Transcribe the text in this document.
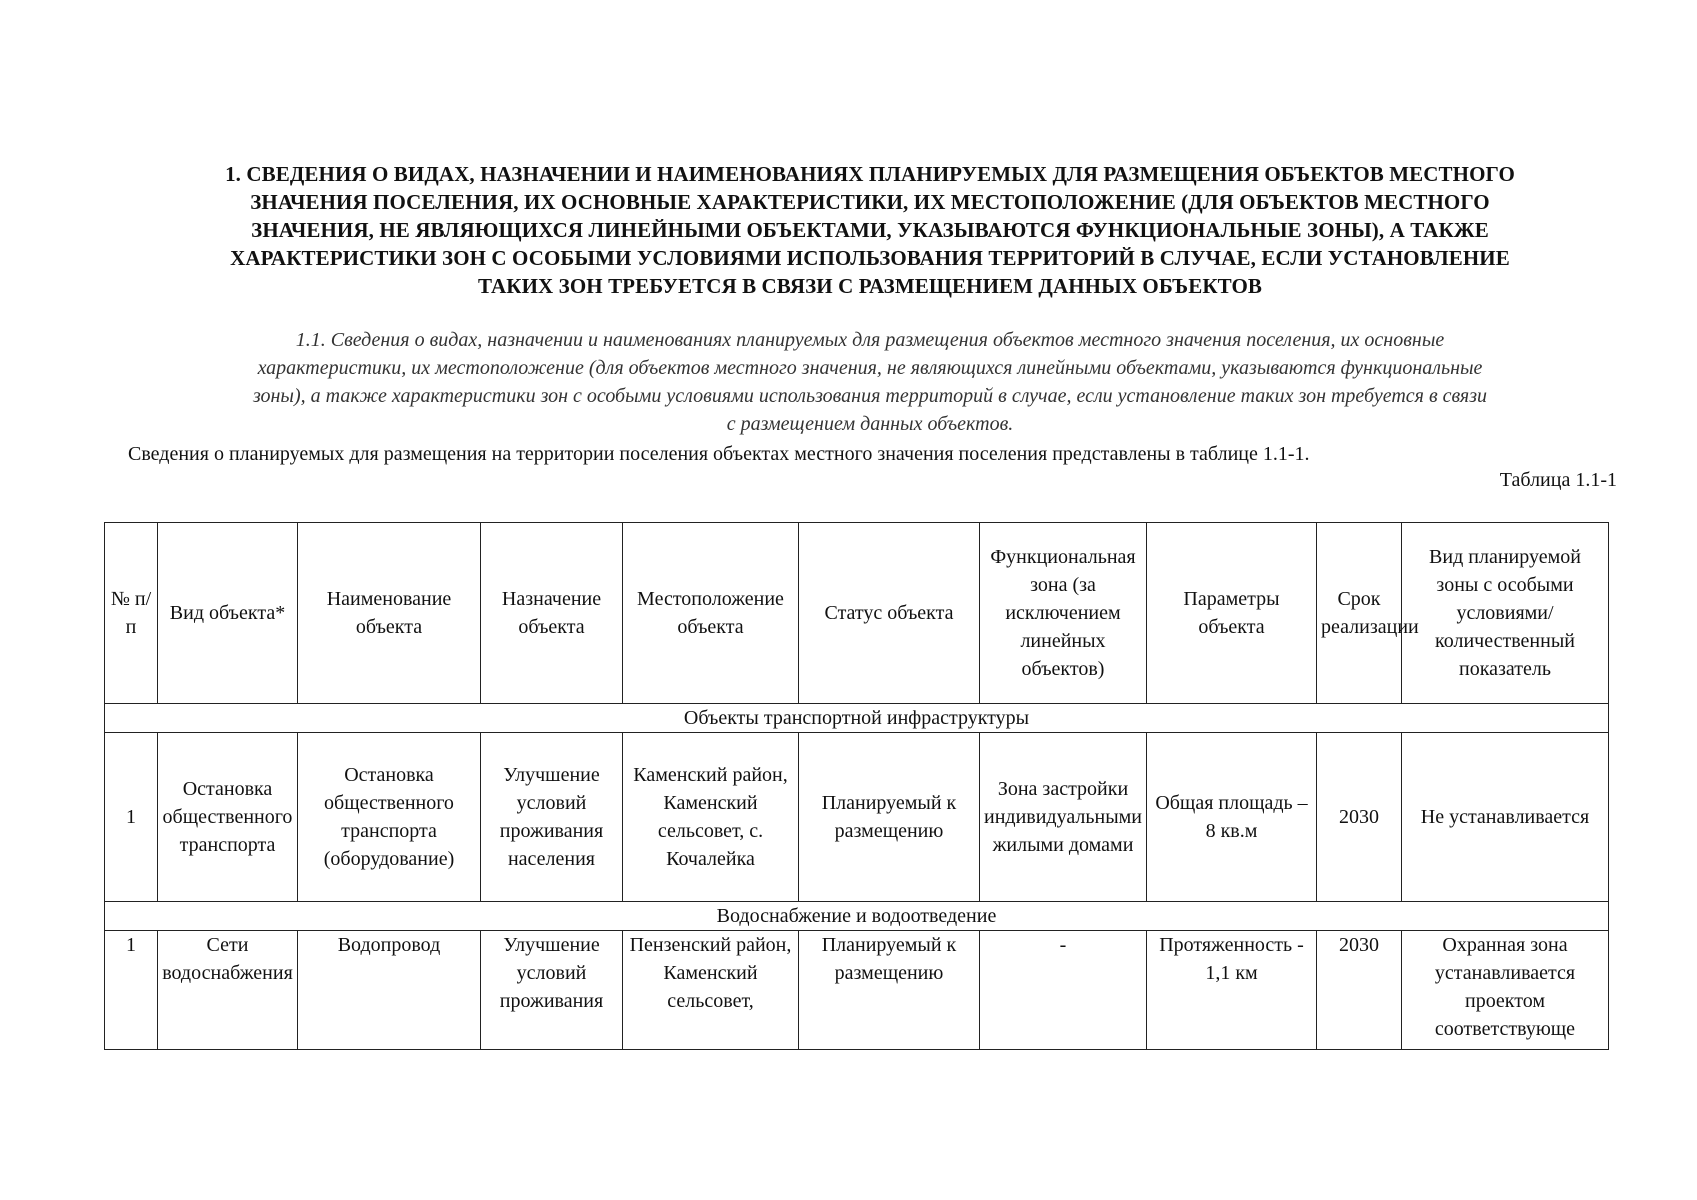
1. СВЕДЕНИЯ О ВИДАХ, НАЗНАЧЕНИИ И НАИМЕНОВАНИЯХ ПЛАНИРУЕМЫХ ДЛЯ РАЗМЕЩЕНИЯ ОБЪЕКТОВ МЕСТНОГО
ЗНАЧЕНИЯ ПОСЕЛЕНИЯ, ИХ ОСНОВНЫЕ ХАРАКТЕРИСТИКИ, ИХ МЕСТОПОЛОЖЕНИЕ (ДЛЯ ОБЪЕКТОВ МЕСТНОГО
ЗНАЧЕНИЯ, НЕ ЯВЛЯЮЩИХСЯ ЛИНЕЙНЫМИ ОБЪЕКТАМИ, УКАЗЫВАЮТСЯ ФУНКЦИОНАЛЬНЫЕ ЗОНЫ), А ТАКЖЕ
ХАРАКТЕРИСТИКИ ЗОН С ОСОБЫМИ УСЛОВИЯМИ ИСПОЛЬЗОВАНИЯ ТЕРРИТОРИЙ В СЛУЧАЕ, ЕСЛИ УСТАНОВЛЕНИЕ
ТАКИХ ЗОН ТРЕБУЕТСЯ В СВЯЗИ С РАЗМЕЩЕНИЕМ ДАННЫХ ОБЪЕКТОВ
1.1. Сведения о видах, назначении и наименованиях планируемых для размещения объектов местного значения поселения, их основные
характеристики, их местоположение (для объектов местного значения, не являющихся линейными объектами, указываются функциональные
зоны), а также характеристики зон с особыми условиями использования территорий в случае, если установление таких зон требуется в связи
с размещением данных объектов.
Сведения о планируемых для размещения на территории поселения объектах местного значения поселения представлены в таблице 1.1-1.
Таблица 1.1-1
№ п/п	Вид объекта*	Наименование объекта	Назначение объекта	Местоположение объекта	Статус объекта	Функциональная зона (за исключением линейных объектов)	Параметры объекта	Срок реализации	Вид планируемой зоны с особыми условиями/ количественный показатель
Объекты транспортной инфраструктуры									
1	Остановка общественного транспорта	Остановка общественного транспорта (оборудование)	Улучшение условий проживания населения	Каменский район, Каменский сельсовет, с. Кочалейка	Планируемый к размещению	Зона застройки индивидуальными жилыми домами	Общая площадь – 8 кв.м	2030	Не устанавливается
Водоснабжение и водоотведение									

1	Сети водоснабжения	Водопровод	Улучшение условий проживания	Пензенский район, Каменский сельсовет,	Планируемый к размещению	-	Протяженность - 1,1 км	2030	Охранная зона устанавливается проектом соответствующе
